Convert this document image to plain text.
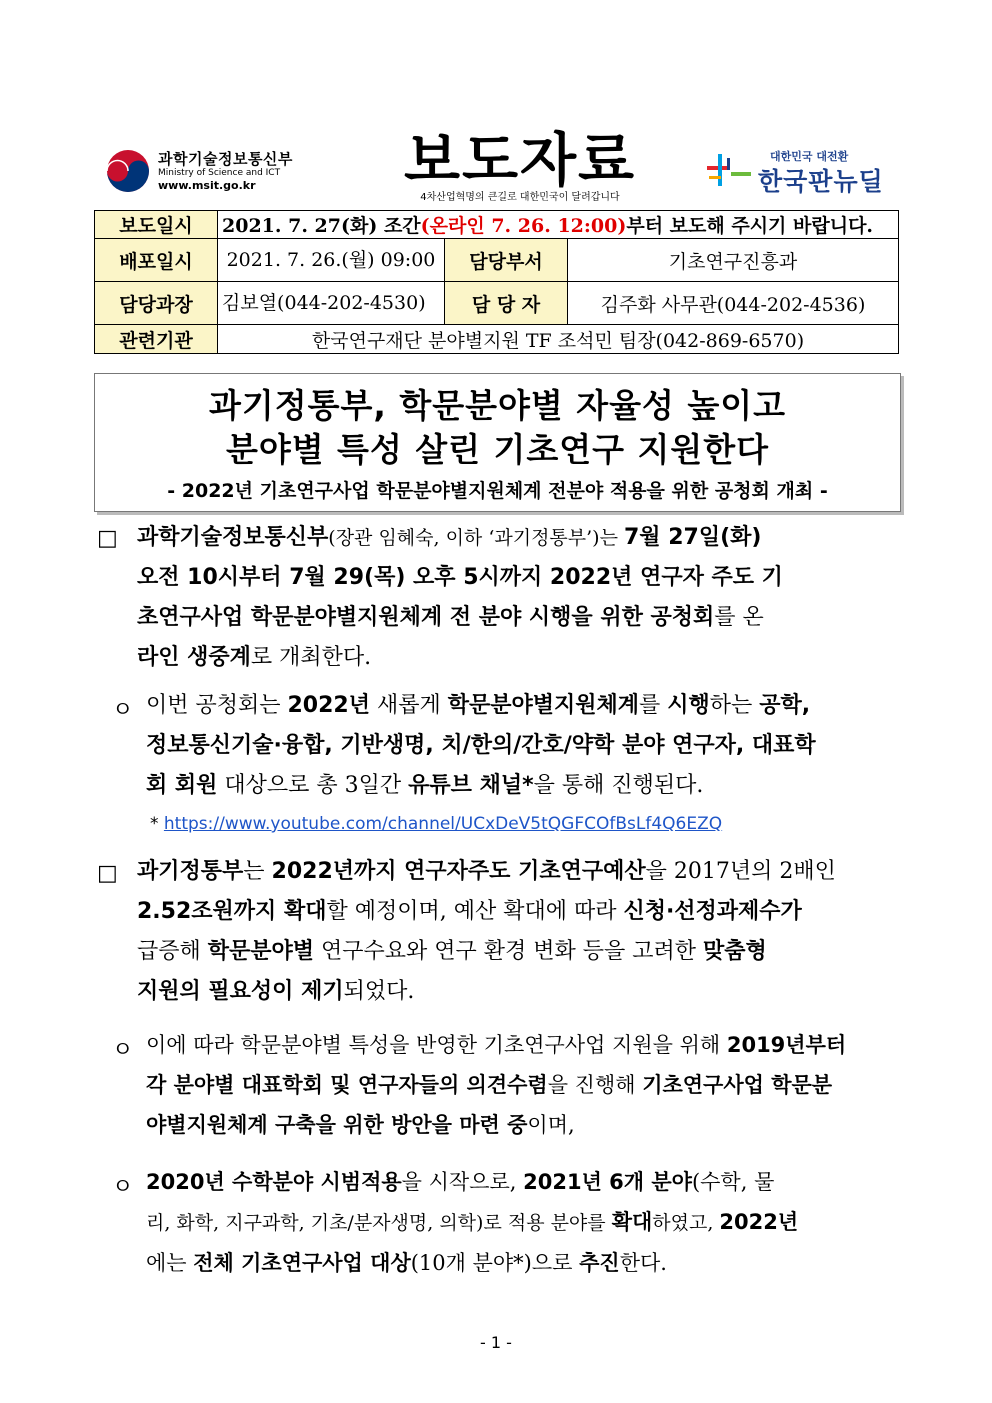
과학기술정보통신부
Ministry of Science and ICT
www.msit.go.kr	보도자료
4차산업혁명의 큰길로 대한민국이 달려갑니다
대한민국 대전환
한국판뉴딜
보도일시	2021. 7. 27(화) 조간(온라인 7. 26. 12:00)부터 보도해 주시기 바랍니다.		
배포일시	2021. 7. 26.(월) 09:00	담당부서	기초연구진흥과
담당과장	김보열(044-202-4530)	담 당 자	김주화 사무관(044-202-4536)
관련기관	한국연구재단 분야별지원 TF 조석민 팀장(042-869-6570)		
과기정통부, 학문분야별 자율성 높이고
분야별 특성 살린 기초연구 지원한다
- 2022년 기초연구사업 학문분야별지원체계 전분야 적용을 위한 공청회 개최 -
□ 과학기술정보통신부(장관 임혜숙, 이하 ‘과기정통부’)는 7월 27일(화)
오전 10시부터 7월 29(목) 오후 5시까지 2022년 연구자 주도 기
초연구사업 학문분야별지원체계 전 분야 시행을 위한 공청회를 온
라인 생중계로 개최한다.
ㅇ 이번 공청회는 2022년 새롭게 학문분야별지원체계를 시행하는 공학,
정보통신기술·융합, 기반생명, 치/한의/간호/약학 분야 연구자, 대표학
회 회원 대상으로 총 3일간 유튜브 채널*을 통해 진행된다.
* https://www.youtube.com/channel/UCxDeV5tQGFCOfBsLf4Q6EZQ
□ 과기정통부는 2022년까지 연구자주도 기초연구예산을 2017년의 2배인
2.52조원까지 확대할 예정이며, 예산 확대에 따라 신청·선정과제수가
급증해 학문분야별 연구수요와 연구 환경 변화 등을 고려한 맞춤형
지원의 필요성이 제기되었다.
ㅇ 이에 따라 학문분야별 특성을 반영한 기초연구사업 지원을 위해 2019년부터
각 분야별 대표학회 및 연구자들의 의견수렴을 진행해 기초연구사업 학문분
야별지원체계 구축을 위한 방안을 마련 중이며,
ㅇ 2020년 수학분야 시범적용을 시작으로, 2021년 6개 분야(수학, 물
리, 화학, 지구과학, 기초/분자생명, 의학)로 적용 분야를 확대하였고, 2022년
에는 전체 기초연구사업 대상(10개 분야*)으로 추진한다.
- 1 -
